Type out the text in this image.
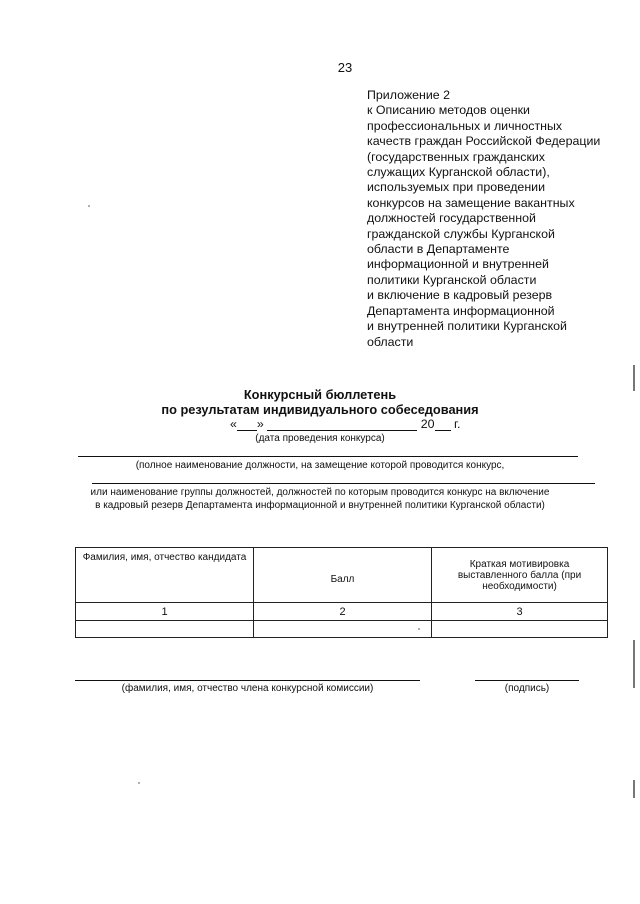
23
Приложение 2
к Описанию методов оценки
профессиональных и личностных
качеств граждан Российской Федерации
(государственных гражданских
служащих Курганской области),
используемых при проведении
конкурсов на замещение вакантных
должностей государственной
гражданской службы Курганской
области в Департаменте
информационной и внутренней
политики Курганской области
и включение в кадровый резерв
Департамента информационной
и внутренней политики Курганской
области
Конкурсный бюллетень
по результатам индивидуального собеседования
« »	20 г.
(дата проведения конкурса)
(полное наименование должности, на замещение которой проводится конкурс,
или наименование группы должностей, должностей по которым проводится конкурс на включение
в кадровый резерв Департамента информационной и внутренней политики Курганской области)
Фамилия, имя, отчество кандидата	Балл	Краткая мотивировка выставленного балла (при необходимости)
1	2	3

(фамилия, имя, отчество члена конкурсной комиссии)	(подпись)
